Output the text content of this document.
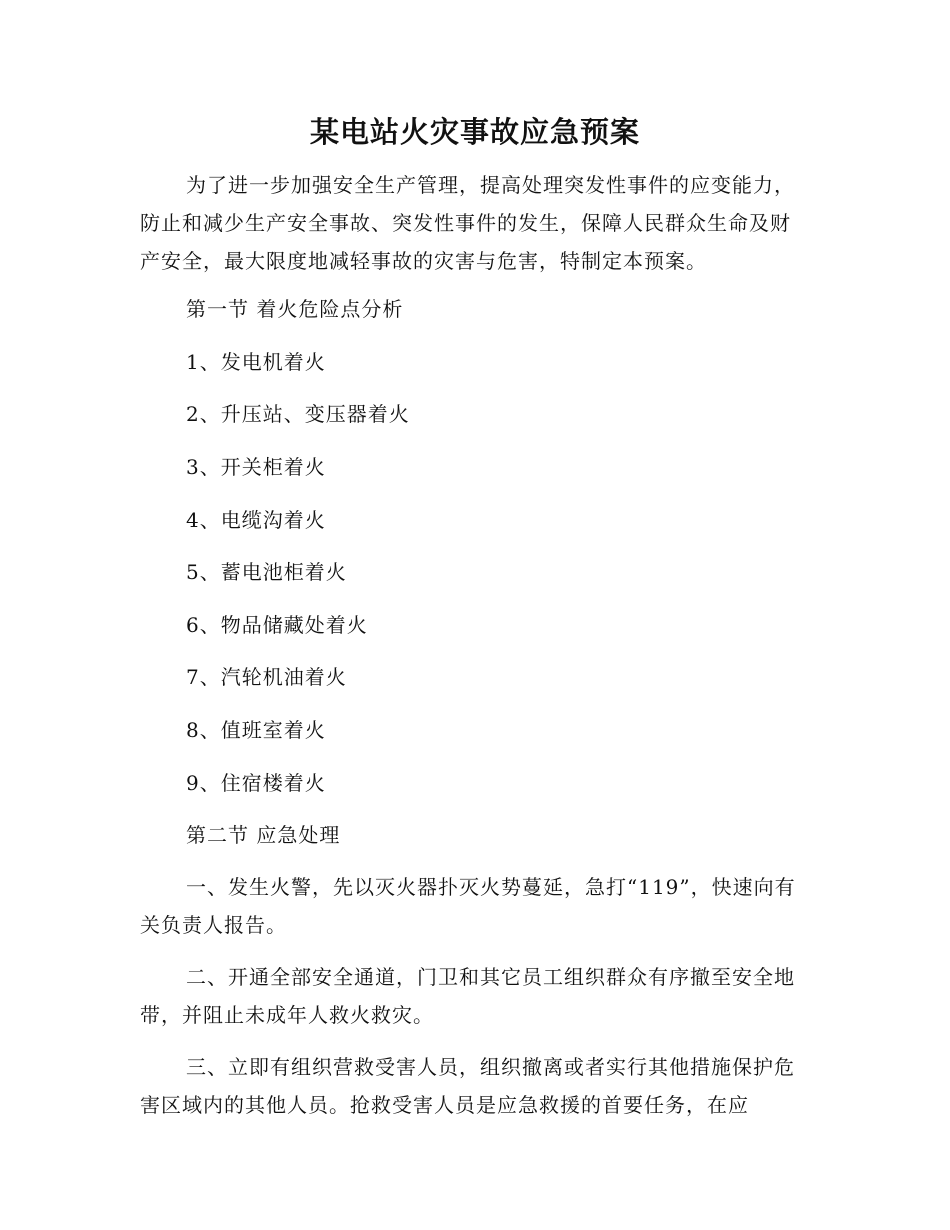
某电站火灾事故应急预案

为了进一步加强安全生产管理，提高处理突发性事件的应变能力，防止和减少生产安全事故、突发性事件的发生，保障人民群众生命及财产安全，最大限度地减轻事故的灾害与危害，特制定本预案。

第一节 着火危险点分析

1、发电机着火

2、升压站、变压器着火

3、开关柜着火

4、电缆沟着火

5、蓄电池柜着火

6、物品储藏处着火

7、汽轮机油着火

8、值班室着火

9、住宿楼着火

第二节 应急处理

一、发生火警，先以灭火器扑灭火势蔓延，急打“119”，快速向有关负责人报告。

二、开通全部安全通道，门卫和其它员工组织群众有序撤至安全地带，并阻止未成年人救火救灾。

三、立即有组织营救受害人员，组织撤离或者实行其他措施保护危害区域内的其他人员。抢救受害人员是应急救援的首要任务，在应
